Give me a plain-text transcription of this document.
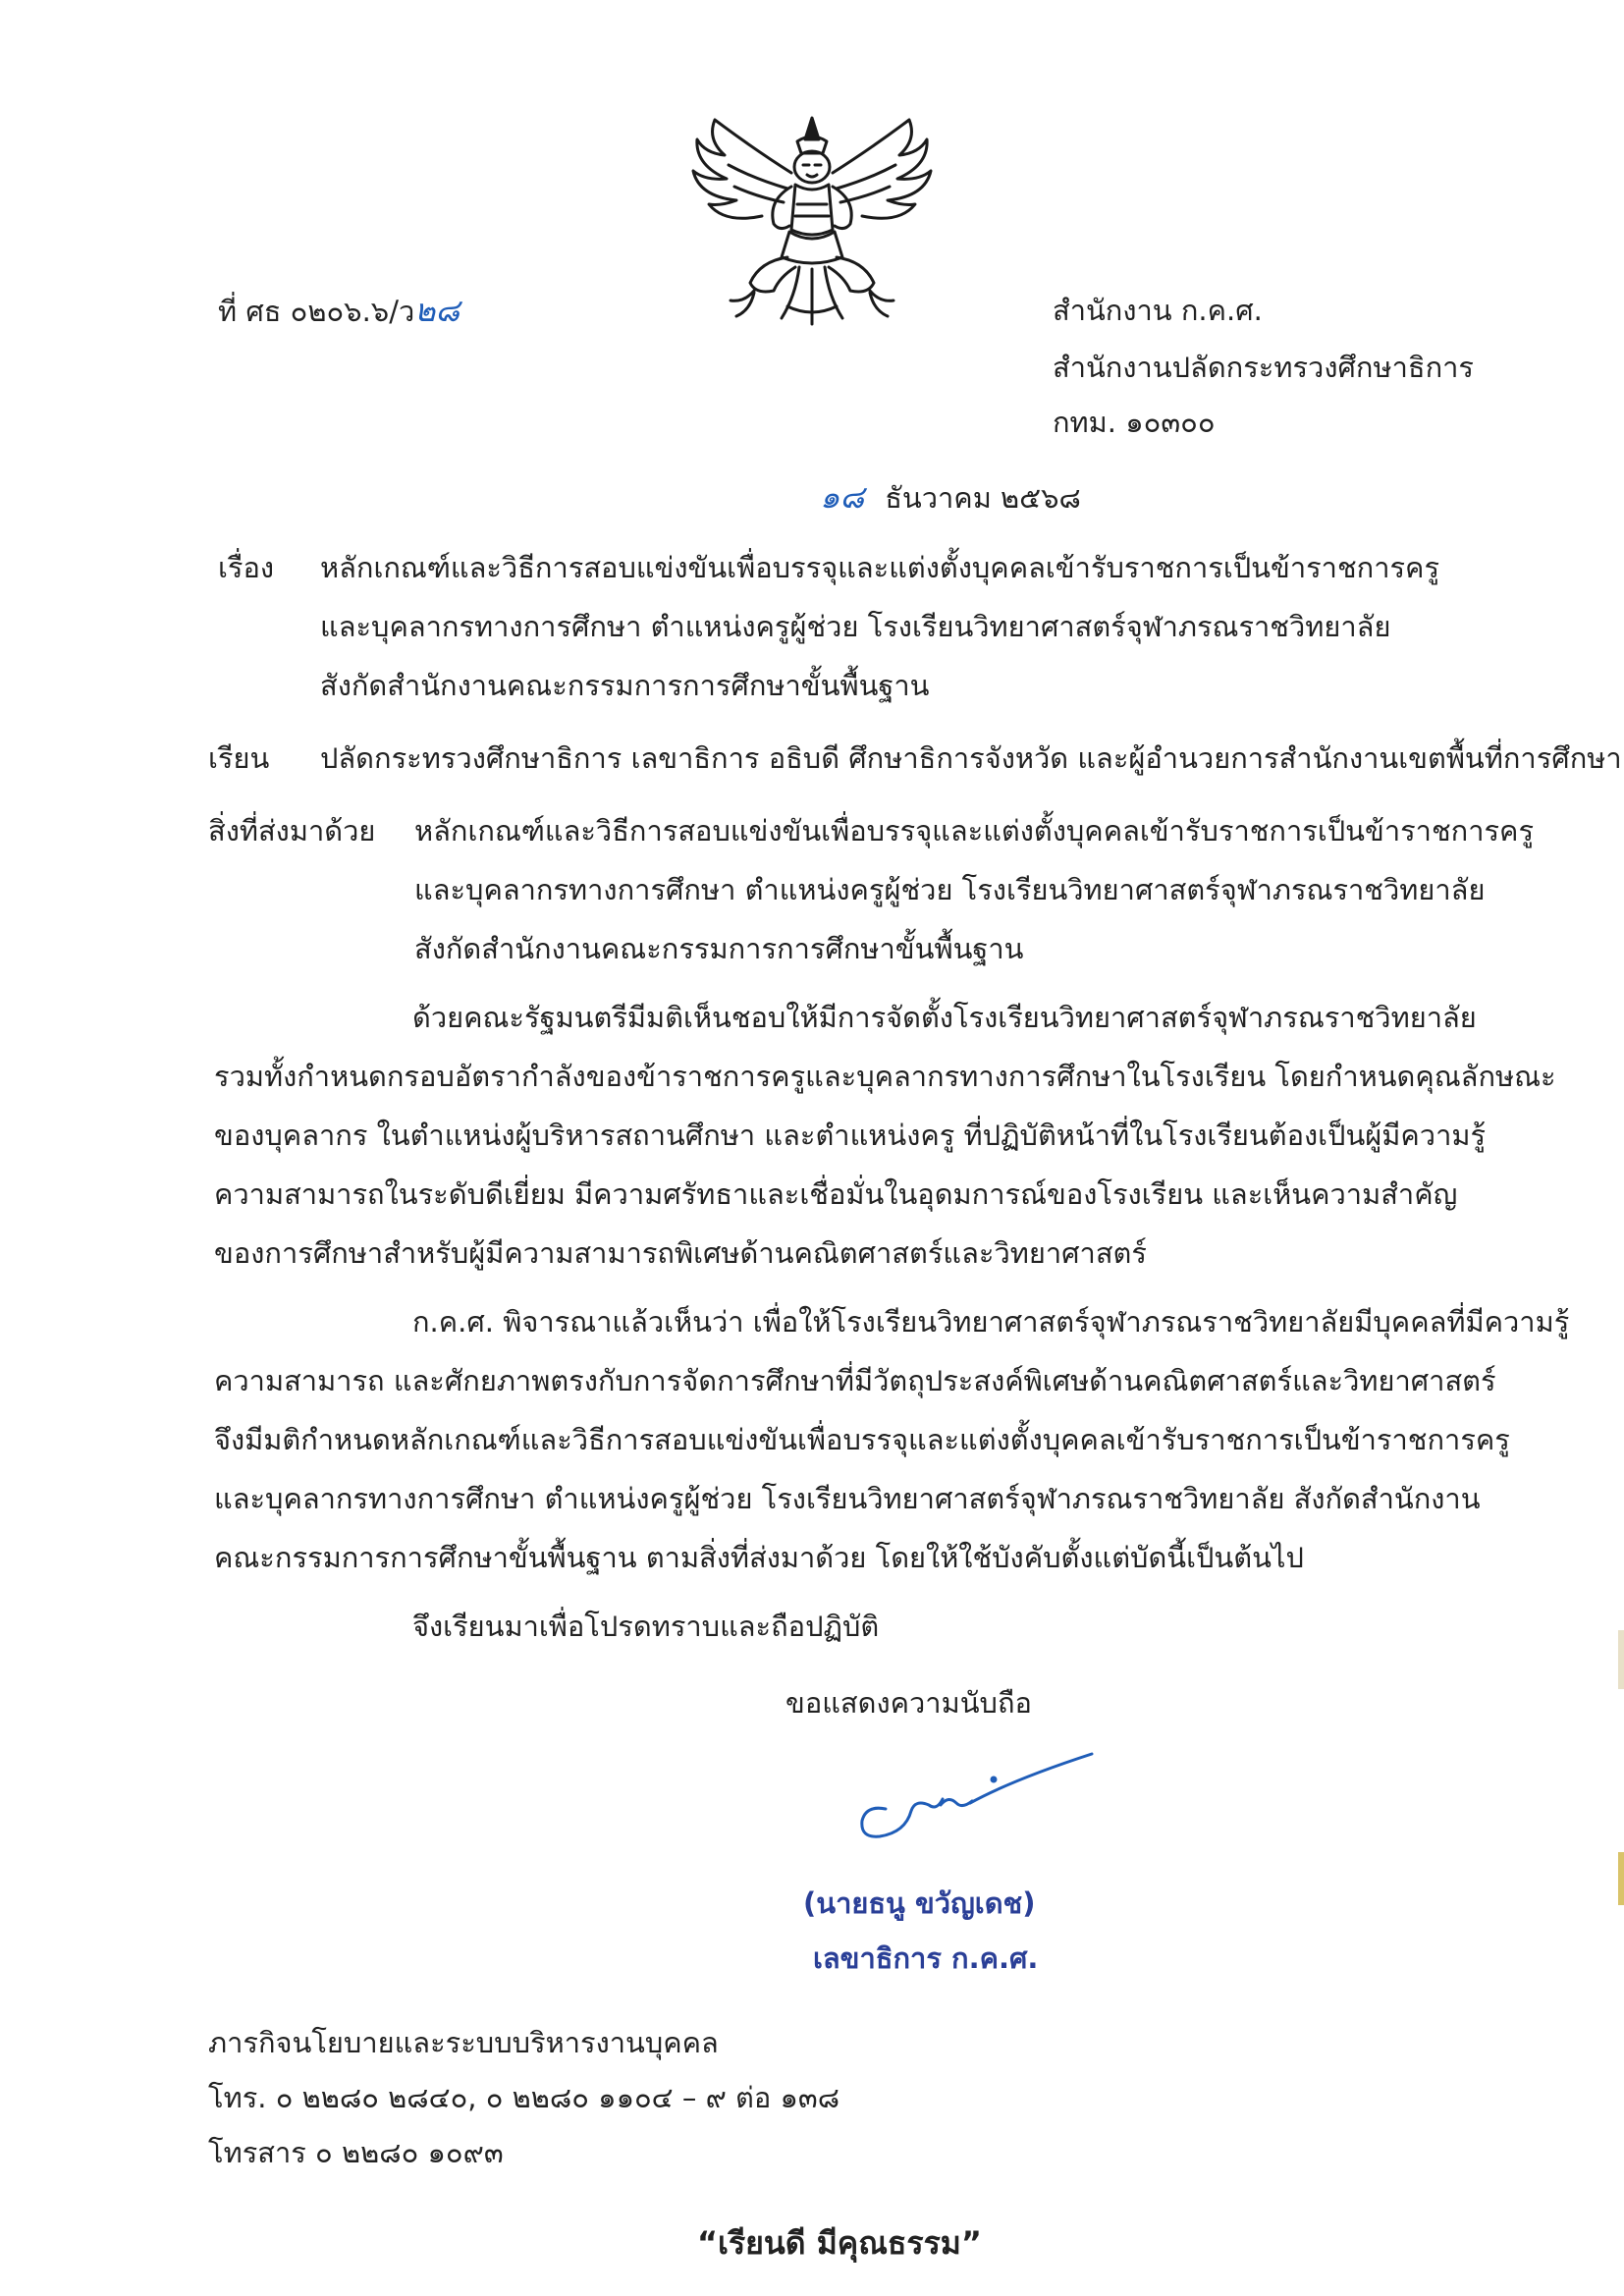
ที่ ศธ ๐๒๐๖.๖/ว๒๘	สำนักงาน ก.ค.ศ.
สำนักงานปลัดกระทรวงศึกษาธิการ
กทม. ๑๐๓๐๐
๑๘ ธันวาคม ๒๕๖๘
เรื่อง หลักเกณฑ์และวิธีการสอบแข่งขันเพื่อบรรจุและแต่งตั้งบุคคลเข้ารับราชการเป็นข้าราชการครู
และบุคลากรทางการศึกษา ตำแหน่งครูผู้ช่วย โรงเรียนวิทยาศาสตร์จุฬาภรณราชวิทยาลัย
สังกัดสำนักงานคณะกรรมการการศึกษาขั้นพื้นฐาน
เรียน ปลัดกระทรวงศึกษาธิการ เลขาธิการ อธิบดี ศึกษาธิการจังหวัด และผู้อำนวยการสำนักงานเขตพื้นที่การศึกษา
สิ่งที่ส่งมาด้วย หลักเกณฑ์และวิธีการสอบแข่งขันเพื่อบรรจุและแต่งตั้งบุคคลเข้ารับราชการเป็นข้าราชการครู
และบุคลากรทางการศึกษา ตำแหน่งครูผู้ช่วย โรงเรียนวิทยาศาสตร์จุฬาภรณราชวิทยาลัย
สังกัดสำนักงานคณะกรรมการการศึกษาขั้นพื้นฐาน
ด้วยคณะรัฐมนตรีมีมติเห็นชอบให้มีการจัดตั้งโรงเรียนวิทยาศาสตร์จุฬาภรณราชวิทยาลัย
รวมทั้งกำหนดกรอบอัตรากำลังของข้าราชการครูและบุคลากรทางการศึกษาในโรงเรียน โดยกำหนดคุณลักษณะ
ของบุคลากร ในตำแหน่งผู้บริหารสถานศึกษา และตำแหน่งครู ที่ปฏิบัติหน้าที่ในโรงเรียนต้องเป็นผู้มีความรู้
ความสามารถในระดับดีเยี่ยม มีความศรัทธาและเชื่อมั่นในอุดมการณ์ของโรงเรียน และเห็นความสำคัญ
ของการศึกษาสำหรับผู้มีความสามารถพิเศษด้านคณิตศาสตร์และวิทยาศาสตร์
ก.ค.ศ. พิจารณาแล้วเห็นว่า เพื่อให้โรงเรียนวิทยาศาสตร์จุฬาภรณราชวิทยาลัยมีบุคคลที่มีความรู้
ความสามารถ และศักยภาพตรงกับการจัดการศึกษาที่มีวัตถุประสงค์พิเศษด้านคณิตศาสตร์และวิทยาศาสตร์
จึงมีมติกำหนดหลักเกณฑ์และวิธีการสอบแข่งขันเพื่อบรรจุและแต่งตั้งบุคคลเข้ารับราชการเป็นข้าราชการครู
และบุคลากรทางการศึกษา ตำแหน่งครูผู้ช่วย โรงเรียนวิทยาศาสตร์จุฬาภรณราชวิทยาลัย สังกัดสำนักงาน
คณะกรรมการการศึกษาขั้นพื้นฐาน ตามสิ่งที่ส่งมาด้วย โดยให้ใช้บังคับตั้งแต่บัดนี้เป็นต้นไป
จึงเรียนมาเพื่อโปรดทราบและถือปฏิบัติ
ขอแสดงความนับถือ
(นายธนู ขวัญเดช)
เลขาธิการ ก.ค.ศ.
ภารกิจนโยบายและระบบบริหารงานบุคคล
โทร. ๐ ๒๒๘๐ ๒๘๔๐, ๐ ๒๒๘๐ ๑๑๐๔ – ๙ ต่อ ๑๓๘
โทรสาร ๐ ๒๒๘๐ ๑๐๙๓
“เรียนดี มีคุณธรรม”
